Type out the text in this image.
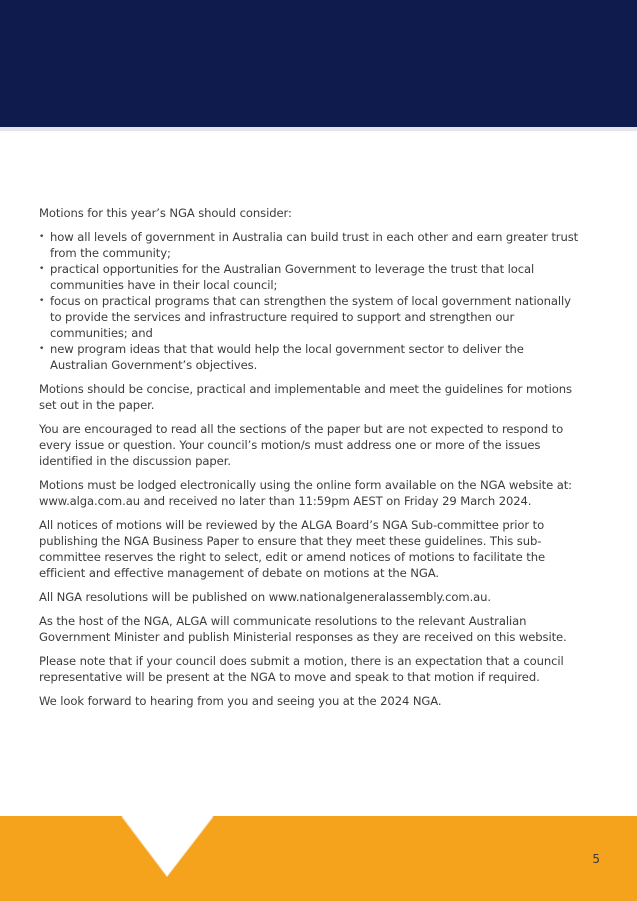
Motions for this year’s NGA should consider:

• how all levels of government in Australia can build trust in each other and earn greater trust from the community;
• practical opportunities for the Australian Government to leverage the trust that local communities have in their local council;
• focus on practical programs that can strengthen the system of local government nationally to provide the services and infrastructure required to support and strengthen our communities; and
• new program ideas that that would help the local government sector to deliver the Australian Government’s objectives.

Motions should be concise, practical and implementable and meet the guidelines for motions set out in the paper.

You are encouraged to read all the sections of the paper but are not expected to respond to every issue or question. Your council’s motion/s must address one or more of the issues identified in the discussion paper.

Motions must be lodged electronically using the online form available on the NGA website at: www.alga.com.au and received no later than 11:59pm AEST on Friday 29 March 2024.

All notices of motions will be reviewed by the ALGA Board’s NGA Sub-committee prior to publishing the NGA Business Paper to ensure that they meet these guidelines. This sub-committee reserves the right to select, edit or amend notices of motions to facilitate the efficient and effective management of debate on motions at the NGA.

All NGA resolutions will be published on www.nationalgeneralassembly.com.au.

As the host of the NGA, ALGA will communicate resolutions to the relevant Australian Government Minister and publish Ministerial responses as they are received on this website.

Please note that if your council does submit a motion, there is an expectation that a council representative will be present at the NGA to move and speak to that motion if required.

We look forward to hearing from you and seeing you at the 2024 NGA.

5
